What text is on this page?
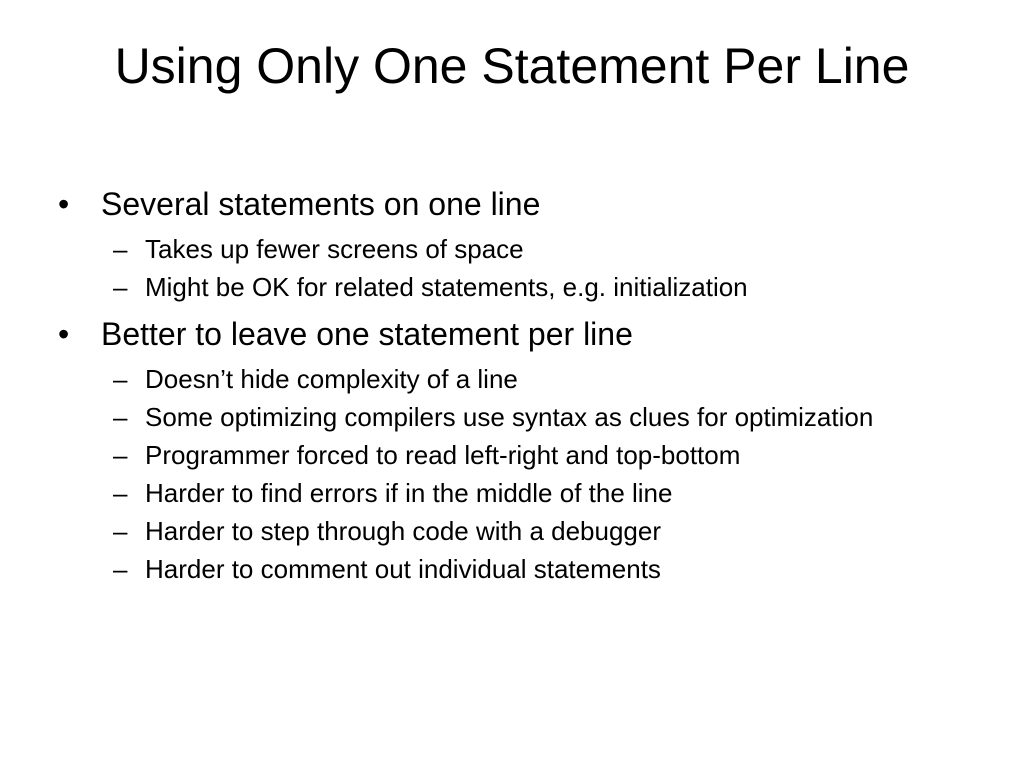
Using Only One Statement Per Line
• Several statements on one line
– Takes up fewer screens of space
– Might be OK for related statements, e.g. initialization
• Better to leave one statement per line
– Doesn’t hide complexity of a line
– Some optimizing compilers use syntax as clues for optimization
– Programmer forced to read left-right and top-bottom
– Harder to find errors if in the middle of the line
– Harder to step through code with a debugger
– Harder to comment out individual statements
